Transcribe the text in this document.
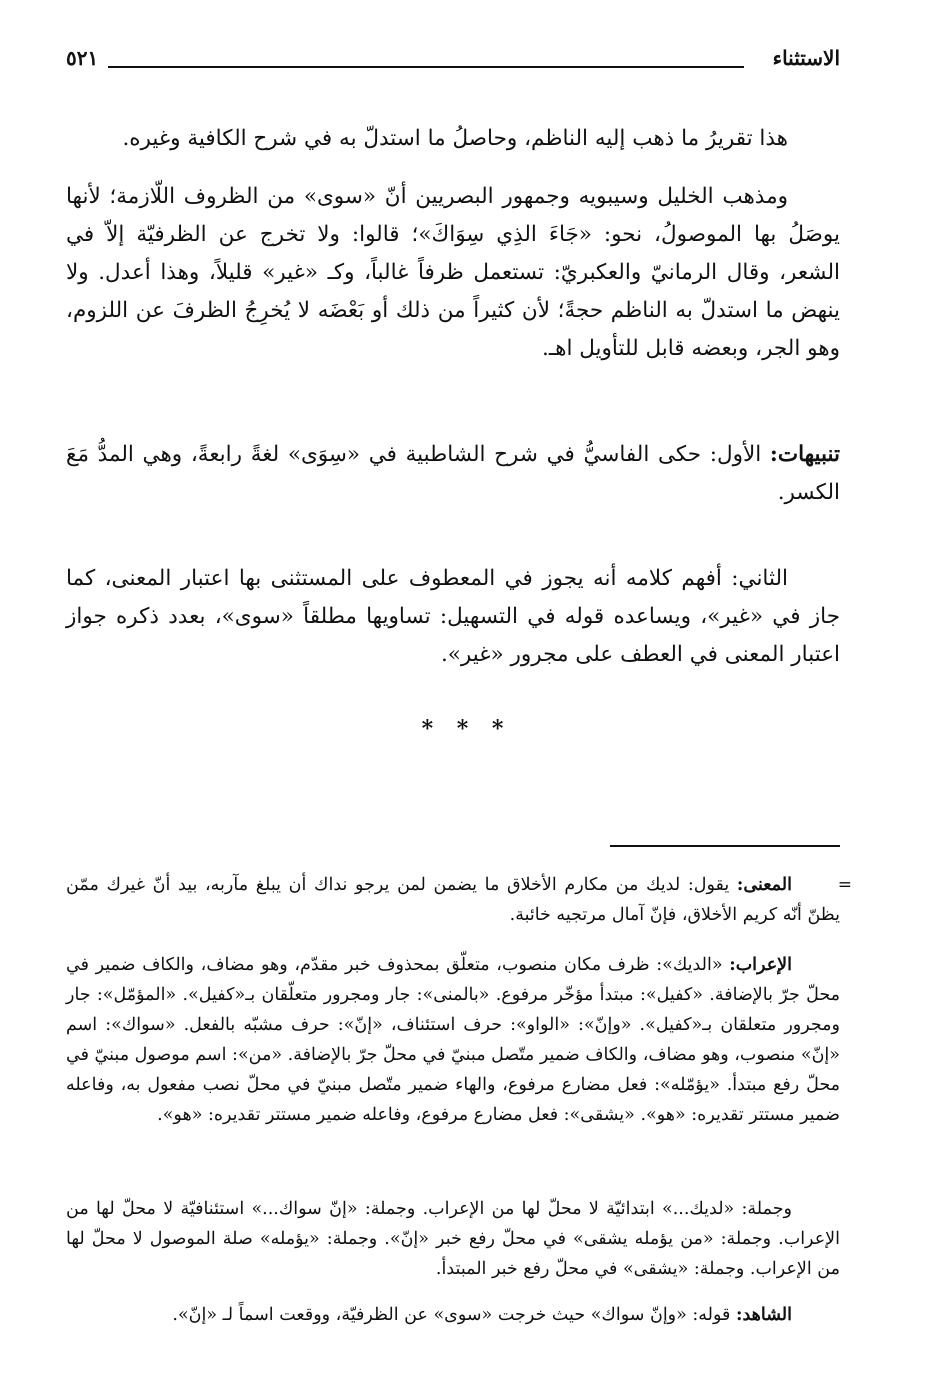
الاستثناء
٥٢١

هذا تقريرُ ما ذهب إليه الناظم، وحاصلُ ما استدلّ به في شرح الكافية وغيره.

ومذهب الخليل وسيبويه وجمهور البصريين أنّ «سوى» من الظروف اللّازمة؛ لأنها يوصَلُ بها الموصولُ، نحو: «جَاءَ الذِي سِوَاكَ»؛ قالوا: ولا تخرج عن الظرفيّة إلاّ في الشعر، وقال الرمانيّ والعكبريّ: تستعمل ظرفاً غالباً، وكـ «غير» قليلاً، وهذا أعدل. ولا ينهض ما استدلّ به الناظم حجةً؛ لأن كثيراً من ذلك أو بَعْضَه لا يُخرِجُ الظرفَ عن اللزوم، وهو الجر، وبعضه قابل للتأويل اهـ.

تنبيهات: الأول: حكى الفاسيُّ في شرح الشاطبية في «سِوَى» لغةً رابعةً، وهي المدُّ مَعَ الكسر.

الثاني: أفهم كلامه أنه يجوز في المعطوف على المستثنى بها اعتبار المعنى، كما جاز في «غير»، ويساعده قوله في التسهيل: تساويها مطلقاً «سوى»، بعدد ذكره جواز اعتبار المعنى في العطف على مجرور «غير».

* * *
=

المعنى: يقول: لديك من مكارم الأخلاق ما يضمن لمن يرجو نداك أن يبلغ مآربه، بيد أنّ غيرك ممّن يظنّ أنّه كريم الأخلاق، فإنّ آمال مرتجيه خائبة.

الإعراب: «الديك»: ظرف مكان منصوب، متعلّق بمحذوف خبر مقدّم، وهو مضاف، والكاف ضمير في محلّ جرّ بالإضافة. «كفيل»: مبتدأ مؤخّر مرفوع. «بالمنى»: جار ومجرور متعلّقان بـ«كفيل». «المؤمّل»: جار ومجرور متعلقان بـ«كفيل». «وإنّ»: «الواو»: حرف استئناف، «إنّ»: حرف مشبّه بالفعل. «سواك»: اسم «إنّ» منصوب، وهو مضاف، والكاف ضمير متّصل مبنيّ في محلّ جرّ بالإضافة. «من»: اسم موصول مبنيّ في محلّ رفع مبتدأ. «يؤمّله»: فعل مضارع مرفوع، والهاء ضمير متّصل مبنيّ في محلّ نصب مفعول به، وفاعله ضمير مستتر تقديره: «هو». «يشقى»: فعل مضارع مرفوع، وفاعله ضمير مستتر تقديره: «هو».

وجملة: «لديك...» ابتدائيّة لا محلّ لها من الإعراب. وجملة: «إنّ سواك...» استئنافيّة لا محلّ لها من الإعراب. وجملة: «من يؤمله يشقى» في محلّ رفع خبر «إنّ». وجملة: «يؤمله» صلة الموصول لا محلّ لها من الإعراب. وجملة: «يشقى» في محلّ رفع خبر المبتدأ.

الشاهد: قوله: «وإنّ سواك» حيث خرجت «سوى» عن الظرفيّة، ووقعت اسماً لـ «إنّ».
